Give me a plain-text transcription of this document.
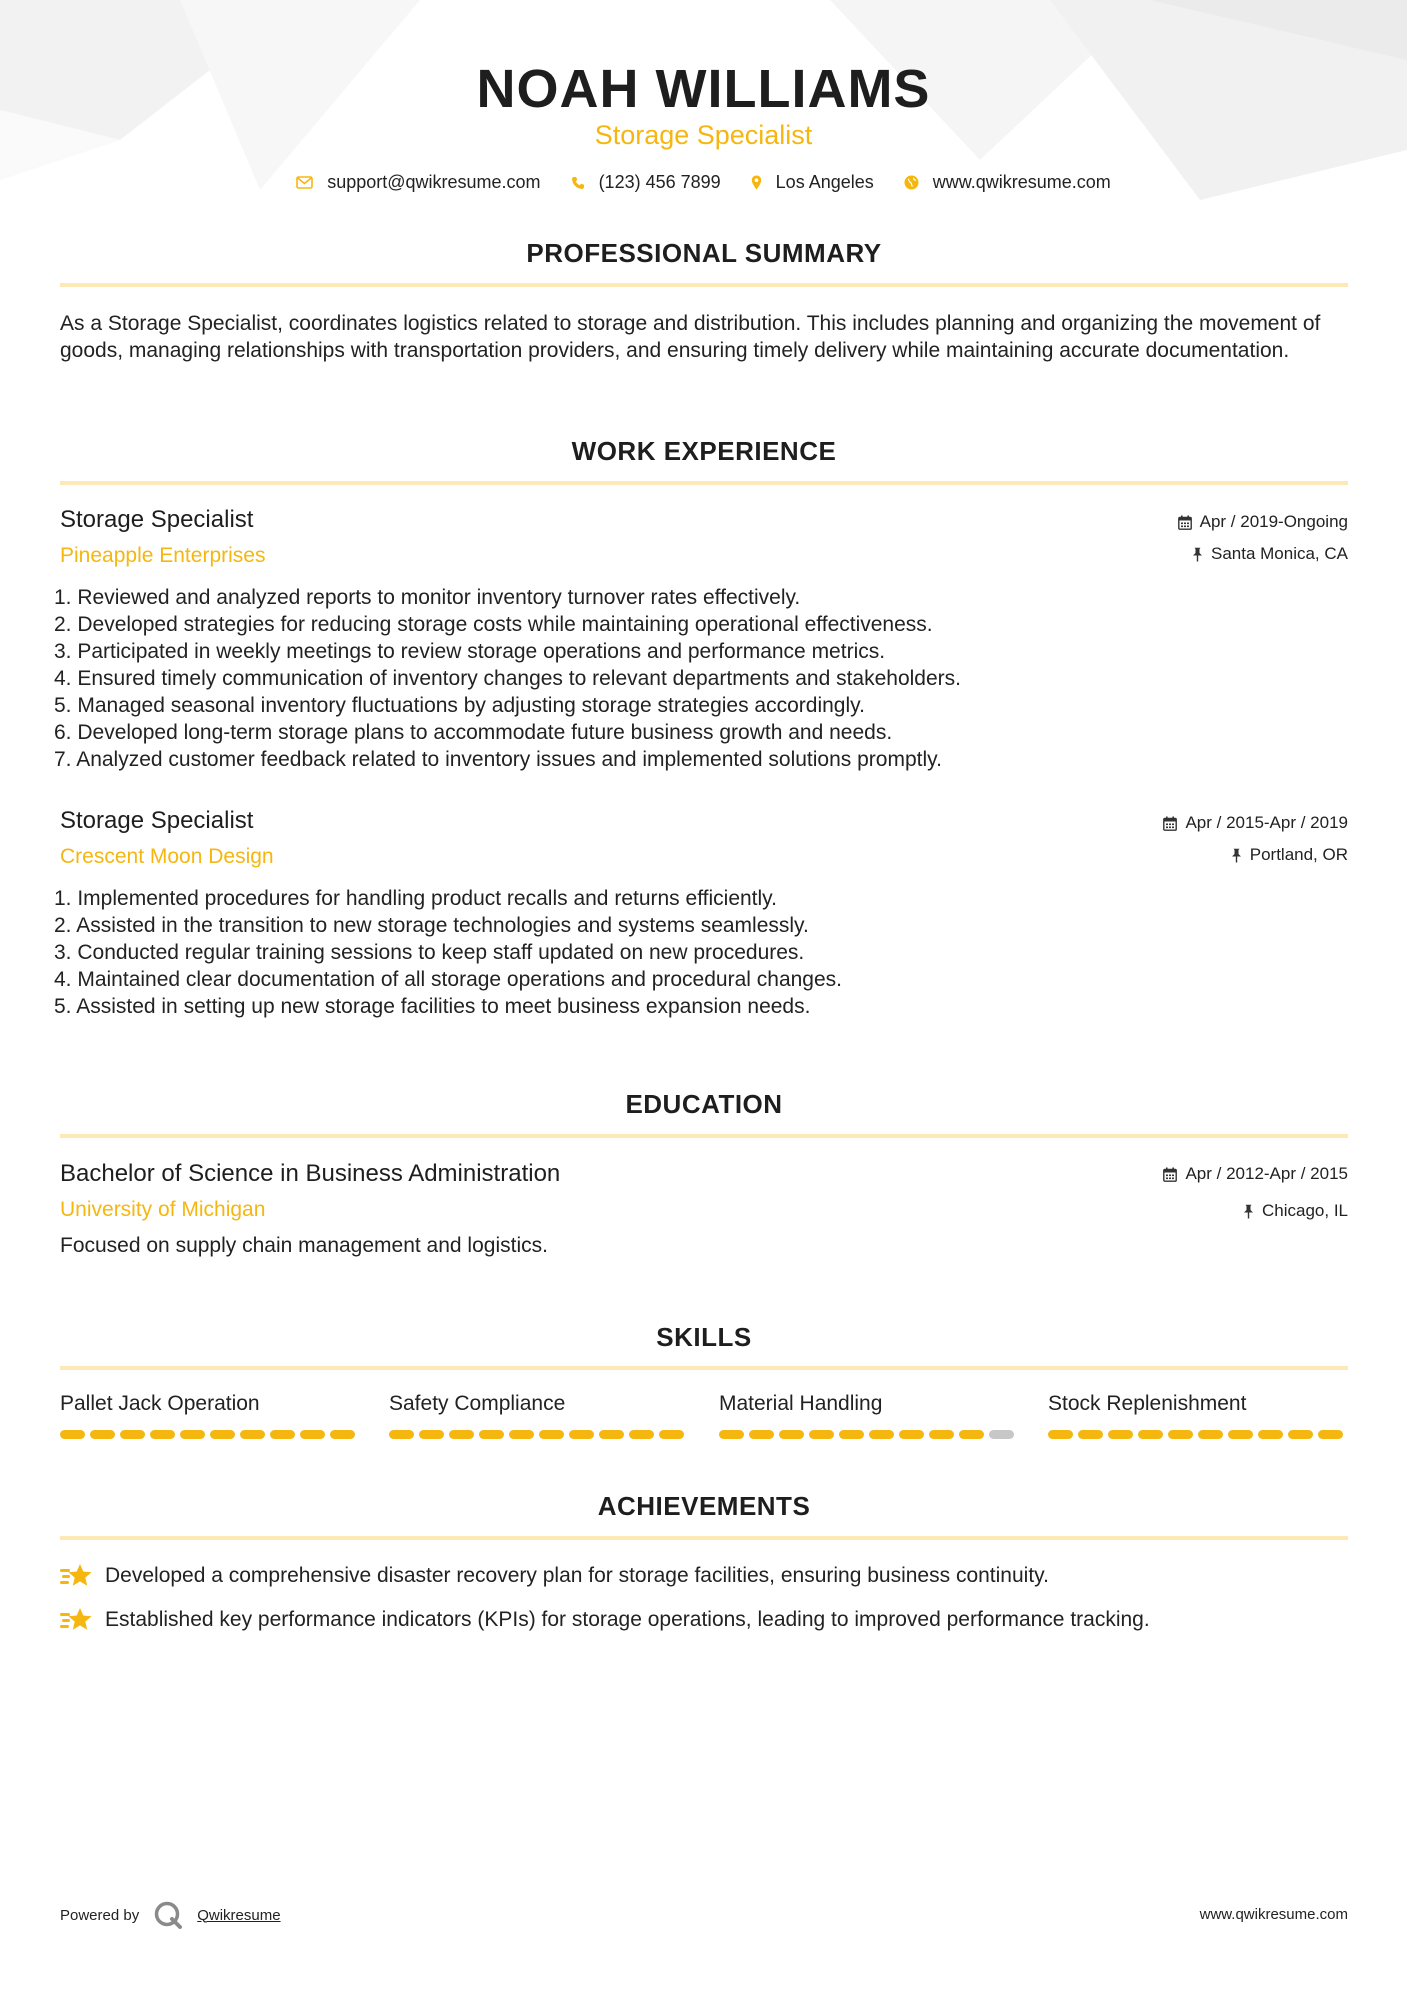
NOAH WILLIAMS
Storage Specialist
support@qwikresume.com	(123) 456 7899	Los Angeles	www.qwikresume.com
PROFESSIONAL SUMMARY

As a Storage Specialist, coordinates logistics related to storage and distribution. This includes planning and organizing the movement of goods, managing relationships with transportation providers, and ensuring timely delivery while maintaining accurate documentation.

WORK EXPERIENCE
Storage Specialist
Pineapple Enterprises
Apr / 2019-Ongoing
Santa Monica, CA
1. Reviewed and analyzed reports to monitor inventory turnover rates effectively.
2. Developed strategies for reducing storage costs while maintaining operational effectiveness.
3. Participated in weekly meetings to review storage operations and performance metrics.
4. Ensured timely communication of inventory changes to relevant departments and stakeholders.
5. Managed seasonal inventory fluctuations by adjusting storage strategies accordingly.
6. Developed long-term storage plans to accommodate future business growth and needs.
7. Analyzed customer feedback related to inventory issues and implemented solutions promptly.
Storage Specialist
Crescent Moon Design
Apr / 2015-Apr / 2019
Portland, OR
1. Implemented procedures for handling product recalls and returns efficiently.
2. Assisted in the transition to new storage technologies and systems seamlessly.
3. Conducted regular training sessions to keep staff updated on new procedures.
4. Maintained clear documentation of all storage operations and procedural changes.
5. Assisted in setting up new storage facilities to meet business expansion needs.
EDUCATION
Bachelor of Science in Business Administration
University of Michigan
Apr / 2012-Apr / 2015
Chicago, IL
Focused on supply chain management and logistics.
SKILLS
Pallet Jack Operation	Safety Compliance	Material Handling	Stock Replenishment
ACHIEVEMENTS
Developed a comprehensive disaster recovery plan for storage facilities, ensuring business continuity.
Established key performance indicators (KPIs) for storage operations, leading to improved performance tracking.
Powered by	Qwikresume	www.qwikresume.com
